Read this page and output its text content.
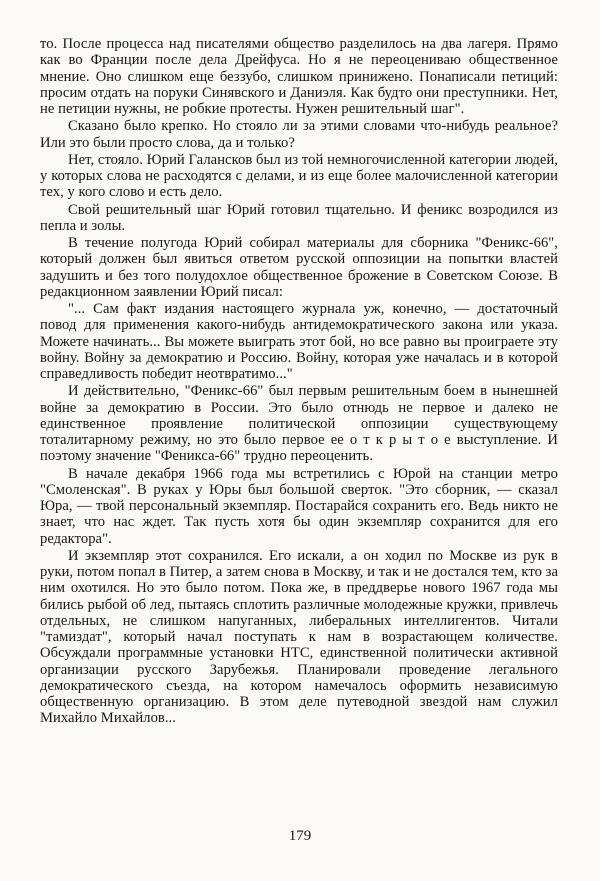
то. После процесса над писателями общество разделилось на два лагеря. Прямо как во Франции после дела Дрейфуса. Но я не переоцениваю общественное мнение. Оно слишком еще беззубо, слишком принижено. Понаписали петиций: просим отдать на поруки Синявского и Даниэля. Как будто они преступники. Нет, не петиции нужны, не робкие протесты. Нужен решительный шаг".

Сказано было крепко. Но стояло ли за этими словами что-нибудь реальное? Или это были просто слова, да и только?

Нет, стояло. Юрий Галансков был из той немногочисленной категории людей, у которых слова не расходятся с делами, и из еще более малочисленной категории тех, у кого слово и есть дело.

Свой решительный шаг Юрий готовил тщательно. И феникс возродился из пепла и золы.

В течение полугода Юрий собирал материалы для сборника "Феникс-66", который должен был явиться ответом русской оппозиции на попытки властей задушить и без того полудохлое общественное брожение в Советском Союзе. В редакционном заявлении Юрий писал:

"... Сам факт издания настоящего журнала уж, конечно, — достаточный повод для применения какого-нибудь антидемократического закона или указа. Можете начинать... Вы можете выиграть этот бой, но все равно вы проиграете эту войну. Войну за демократию и Россию. Войну, которая уже началась и в которой справедливость победит неотвратимо..."

И действительно, "Феникс-66" был первым решительным боем в нынешней войне за демократию в России. Это было отнюдь не первое и далеко не единственное проявление политической оппозиции существующему тоталитарному режиму, но это было первое ее о т к р ы т о е выступление. И поэтому значение "Феникса-66" трудно переоценить.

В начале декабря 1966 года мы встретились с Юрой на станции метро "Смоленская". В руках у Юры был большой сверток. "Это сборник, — сказал Юра, — твой персональный экземпляр. Постарайся сохранить его. Ведь никто не знает, что нас ждет. Так пусть хотя бы один экземпляр сохранится для его редактора".

И экземпляр этот сохранился. Его искали, а он ходил по Москве из рук в руки, потом попал в Питер, а затем снова в Москву, и так и не достался тем, кто за ним охотился. Но это было потом. Пока же, в преддверье нового 1967 года мы бились рыбой об лед, пытаясь сплотить различные молодежные кружки, привлечь отдельных, не слишком напуганных, либеральных интеллигентов. Читали "тамиздат", который начал поступать к нам в возрастающем количестве. Обсуждали программные установки НТС, единственной политически активной организации русского Зарубежья. Планировали проведение легального демократического съезда, на котором намечалось оформить независимую общественную организацию. В этом деле путеводной звездой нам служил Михайло Михайлов...

179
